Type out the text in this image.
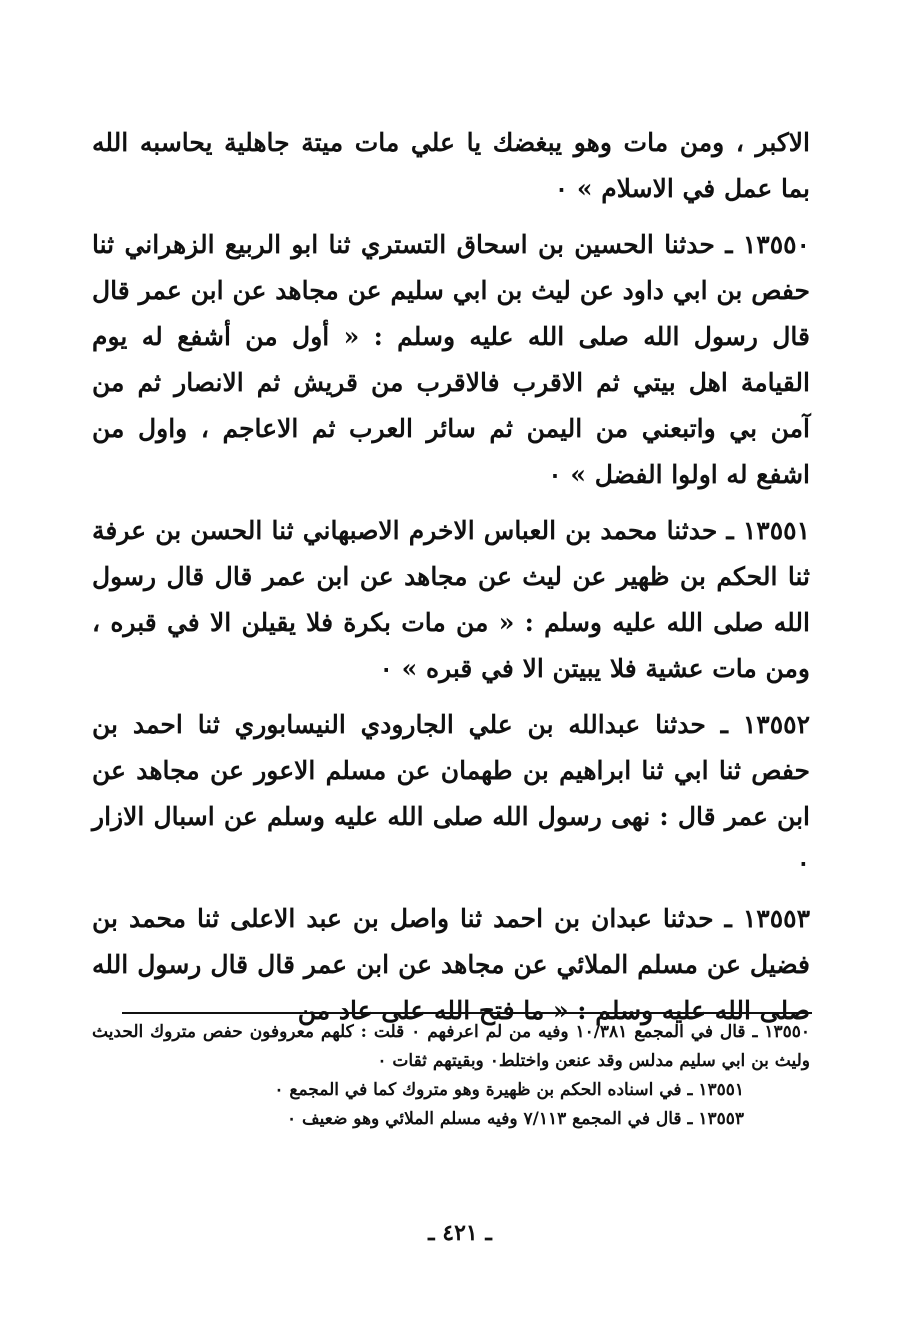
الاكبر ، ومن مات وهو يبغضك يا علي مات ميتة جاهلية يحاسبه الله بما عمل في الاسلام » ٠

١٣٥٥٠ ـ حدثنا الحسين بن اسحاق التستري ثنا ابو الربيع الزهراني ثنا حفص بن ابي داود عن ليث بن ابي سليم عن مجاهد عن ابن عمر قال قال رسول الله صلى الله عليه وسلم : « أول من أشفع له يوم القيامة اهل بيتي ثم الاقرب فالاقرب من قريش ثم الانصار ثم من آمن بي واتبعني من اليمن ثم سائر العرب ثم الاعاجم ، واول من اشفع له اولوا الفضل » ٠

١٣٥٥١ ـ حدثنا محمد بن العباس الاخرم الاصبهاني ثنا الحسن بن عرفة ثنا الحكم بن ظهير عن ليث عن مجاهد عن ابن عمر قال قال رسول الله صلى الله عليه وسلم : « من مات بكرة فلا يقيلن الا في قبره ، ومن مات عشية فلا يبيتن الا في قبره » ٠

١٣٥٥٢ ـ حدثنا عبدالله بن علي الجارودي النيسابوري ثنا احمد بن حفص ثنا ابي ثنا ابراهيم بن طهمان عن مسلم الاعور عن مجاهد عن ابن عمر قال : نهى رسول الله صلى الله عليه وسلم عن اسبال الازار ٠

١٣٥٥٣ ـ حدثنا عبدان بن احمد ثنا واصل بن عبد الاعلى ثنا محمد بن فضيل عن مسلم الملائي عن مجاهد عن ابن عمر قال قال رسول الله صلى الله عليه وسلم : « ما فتح الله على عاد من

١٣٥٥٠ ـ قال في المجمع ١٠/٣٨١ وفيه من لم اعرفهم ٠ قلت : كلهم معروفون حفص متروك الحديث وليث بن ابي سليم مدلس وقد عنعن واختلط٠ وبقيتهم ثقات ٠

١٣٥٥١ ـ في اسناده الحكم بن ظهيرة وهو متروك كما في المجمع ٠

١٣٥٥٣ ـ قال في المجمع ٧/١١٣ وفيه مسلم الملائي وهو ضعيف ٠

ـ ٤٢١ ـ
